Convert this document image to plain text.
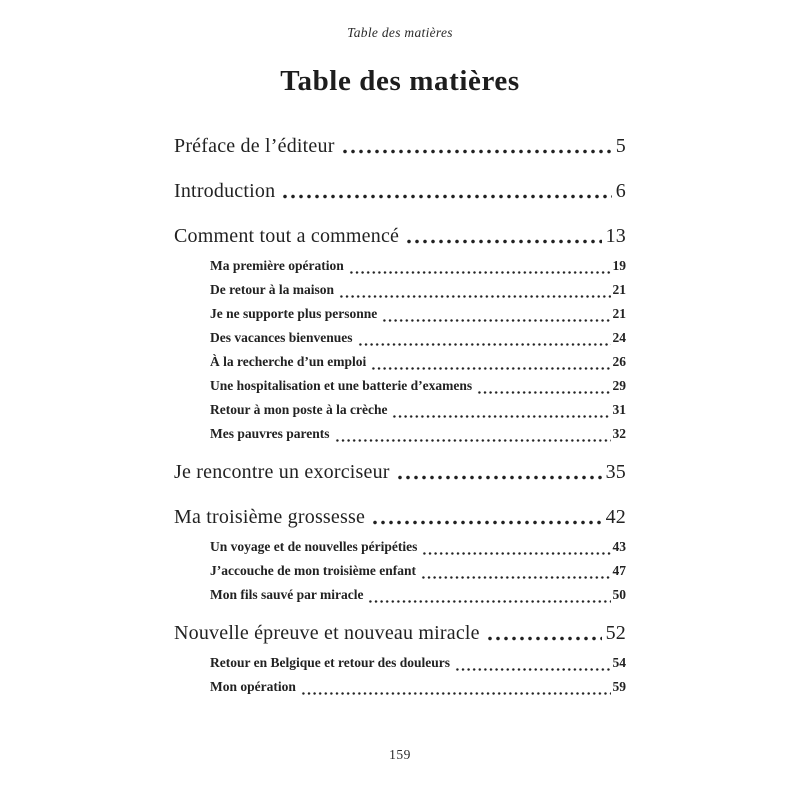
Table des matières
Table des matières
Préface de l’éditeur	5
Introduction	6
Comment tout a commencé	13
Ma première opération	19
De retour à la maison	21
Je ne supporte plus personne	21
Des vacances bienvenues	24
À la recherche d’un emploi	26
Une hospitalisation et une batterie d’examens	29
Retour à mon poste à la crèche	31
Mes pauvres parents	32
Je rencontre un exorciseur	35
Ma troisième grossesse	42
Un voyage et de nouvelles péripéties	43
J’accouche de mon troisième enfant	47
Mon fils sauvé par miracle	50
Nouvelle épreuve et nouveau miracle	52
Retour en Belgique et retour des douleurs	54
Mon opération	59
159
